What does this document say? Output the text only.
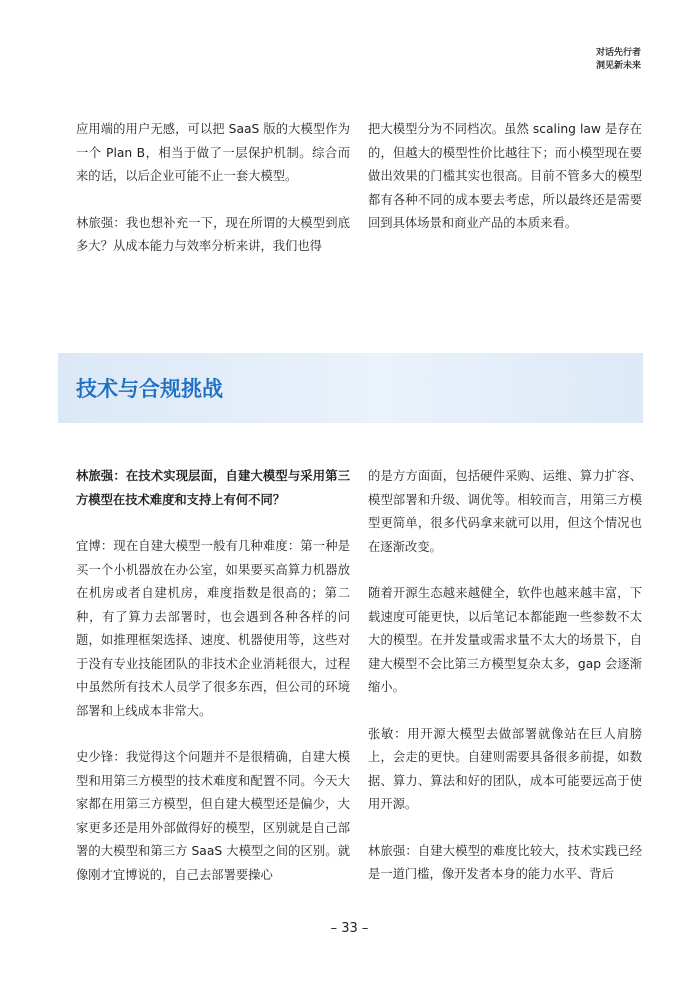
对话先行者
洞见新未来

应用端的用户无感，可以把 SaaS 版的大模型作为一个 Plan B，相当于做了一层保护机制。综合而来的话，以后企业可能不止一套大模型。

林旅强：我也想补充一下，现在所谓的大模型到底多大？从成本能力与效率分析来讲，我们也得

把大模型分为不同档次。虽然 scaling law 是存在的，但越大的模型性价比越往下；而小模型现在要做出效果的门槛其实也很高。目前不管多大的模型都有各种不同的成本要去考虑，所以最终还是需要回到具体场景和商业产品的本质来看。

技术与合规挑战

林旅强：在技术实现层面，自建大模型与采用第三方模型在技术难度和支持上有何不同？

宜博：现在自建大模型一般有几种难度：第一种是买一个小机器放在办公室，如果要买高算力机器放在机房或者自建机房，难度指数是很高的；第二种，有了算力去部署时，也会遇到各种各样的问题，如推理框架选择、速度、机器使用等，这些对于没有专业技能团队的非技术企业消耗很大，过程中虽然所有技术人员学了很多东西，但公司的环境部署和上线成本非常大。

史少锋：我觉得这个问题并不是很精确，自建大模型和用第三方模型的技术难度和配置不同。今天大家都在用第三方模型，但自建大模型还是偏少，大家更多还是用外部做得好的模型，区别就是自己部署的大模型和第三方 SaaS 大模型之间的区别。就像刚才宜博说的，自己去部署要操心

的是方方面面，包括硬件采购、运维、算力扩容、模型部署和升级、调优等。相较而言，用第三方模型更简单，很多代码拿来就可以用，但这个情况也在逐渐改变。

随着开源生态越来越健全，软件也越来越丰富，下载速度可能更快，以后笔记本都能跑一些参数不太大的模型。在并发量或需求量不太大的场景下，自建大模型不会比第三方模型复杂太多，gap 会逐渐缩小。

张敏：用开源大模型去做部署就像站在巨人肩膀上，会走的更快。自建则需要具备很多前提，如数据、算力、算法和好的团队，成本可能要远高于使用开源。

林旅强：自建大模型的难度比较大，技术实践已经是一道门槛，像开发者本身的能力水平、背后

– 33 –
